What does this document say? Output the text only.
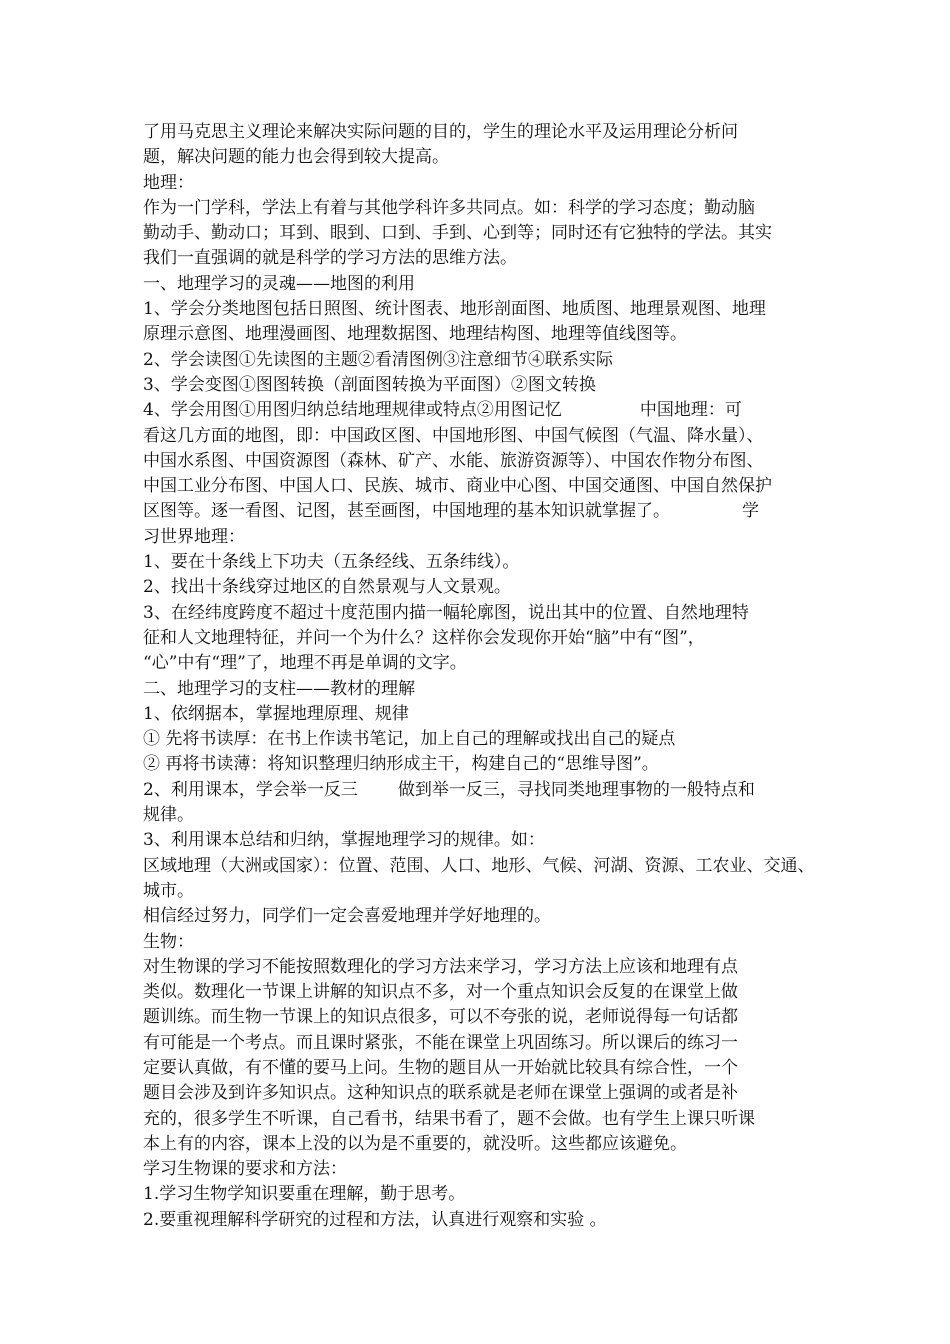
了用马克思主义理论来解决实际问题的目的，学生的理论水平及运用理论分析问
题，解决问题的能力也会得到较大提高。
地理：
作为一门学科，学法上有着与其他学科许多共同点。如：科学的学习态度；勤动脑
勤动手、勤动口；耳到、眼到、口到、手到、心到等；同时还有它独特的学法。其实
我们一直强调的就是科学的学习方法的思维方法。
一、地理学习的灵魂——地图的利用
1、学会分类地图包括日照图、统计图表、地形剖面图、地质图、地理景观图、地理
原理示意图、地理漫画图、地理数据图、地理结构图、地理等值线图等。
2、学会读图①先读图的主题②看清图例③注意细节④联系实际
3、学会变图①图图转换（剖面图转换为平面图）②图文转换
4、学会用图①用图归纳总结地理规律或特点②用图记忆	中国地理：可
看这几方面的地图，即：中国政区图、中国地形图、中国气候图（气温、降水量）、
中国水系图、中国资源图（森林、矿产、水能、旅游资源等）、中国农作物分布图、
中国工业分布图、中国人口、民族、城市、商业中心图、中国交通图、中国自然保护
区图等。逐一看图、记图，甚至画图，中国地理的基本知识就掌握了。	学
习世界地理：
1、要在十条线上下功夫（五条经线、五条纬线）。
2、找出十条线穿过地区的自然景观与人文景观。
3、在经纬度跨度不超过十度范围内描一幅轮廓图，说出其中的位置、自然地理特
征和人文地理特征，并问一个为什么？这样你会发现你开始“脑”中有“图”，
“心”中有“理”了，地理不再是单调的文字。
二、地理学习的支柱——教材的理解
1、依纲据本，掌握地理原理、规律
① 先将书读厚：在书上作读书笔记，加上自己的理解或找出自己的疑点
② 再将书读薄：将知识整理归纳形成主干，构建自己的“思维导图”。
2、利用课本，学会举一反三 做到举一反三，寻找同类地理事物的一般特点和
规律。
3、利用课本总结和归纳，掌握地理学习的规律。如：
区域地理（大洲或国家）：位置、范围、人口、地形、气候、河湖、资源、工农业、交通、
城市。
相信经过努力，同学们一定会喜爱地理并学好地理的。
生物：
对生物课的学习不能按照数理化的学习方法来学习，学习方法上应该和地理有点
类似。数理化一节课上讲解的知识点不多，对一个重点知识会反复的在课堂上做
题训练。而生物一节课上的知识点很多，可以不夸张的说，老师说得每一句话都
有可能是一个考点。而且课时紧张，不能在课堂上巩固练习。所以课后的练习一
定要认真做，有不懂的要马上问。生物的题目从一开始就比较具有综合性，一个
题目会涉及到许多知识点。这种知识点的联系就是老师在课堂上强调的或者是补
充的，很多学生不听课，自己看书，结果书看了，题不会做。也有学生上课只听课
本上有的内容，课本上没的以为是不重要的，就没听。这些都应该避免。
学习生物课的要求和方法：
1.学习生物学知识要重在理解，勤于思考。
2.要重视理解科学研究的过程和方法，认真进行观察和实验 。
